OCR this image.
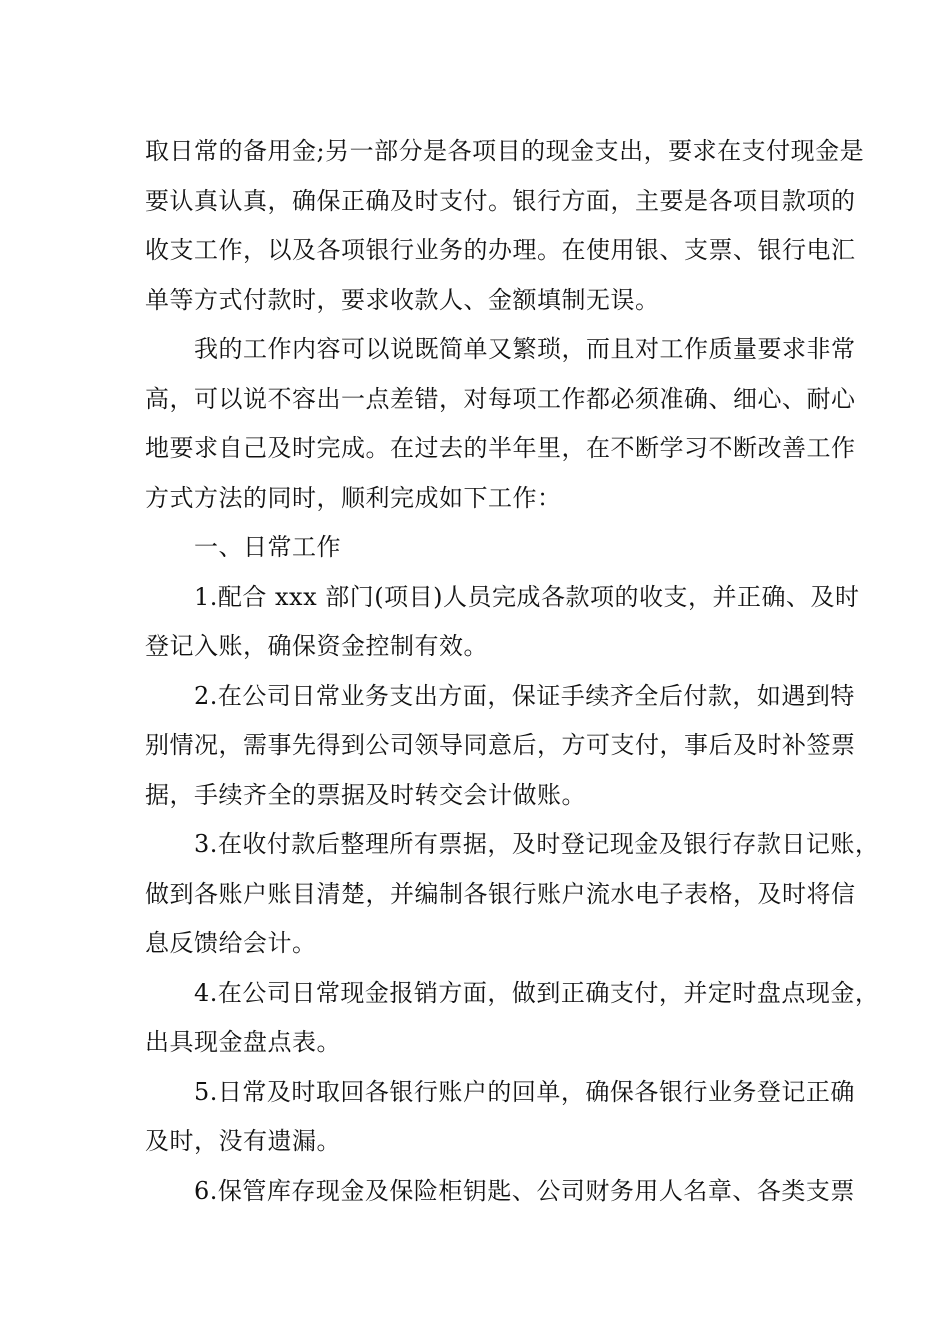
取日常的备用金;另一部分是各项目的现金支出，要求在支付现金是
要认真认真，确保正确及时支付。银行方面，主要是各项目款项的
收支工作，以及各项银行业务的办理。在使用银、支票、银行电汇
单等方式付款时，要求收款人、金额填制无误。
　　我的工作内容可以说既简单又繁琐，而且对工作质量要求非常
高，可以说不容出一点差错，对每项工作都必须准确、细心、耐心
地要求自己及时完成。在过去的半年里，在不断学习不断改善工作
方式方法的同时，顺利完成如下工作：
　　一、日常工作
　　1.配合 xxx 部门(项目)人员完成各款项的收支，并正确、及时
登记入账，确保资金控制有效。
　　2.在公司日常业务支出方面，保证手续齐全后付款，如遇到特
别情况，需事先得到公司领导同意后，方可支付，事后及时补签票
据，手续齐全的票据及时转交会计做账。
　　3.在收付款后整理所有票据，及时登记现金及银行存款日记账，
做到各账户账目清楚，并编制各银行账户流水电子表格，及时将信
息反馈给会计。
　　4.在公司日常现金报销方面，做到正确支付，并定时盘点现金，
出具现金盘点表。
　　5.日常及时取回各银行账户的回单，确保各银行业务登记正确
及时，没有遗漏。
　　6.保管库存现金及保险柜钥匙、公司财务用人名章、各类支票
